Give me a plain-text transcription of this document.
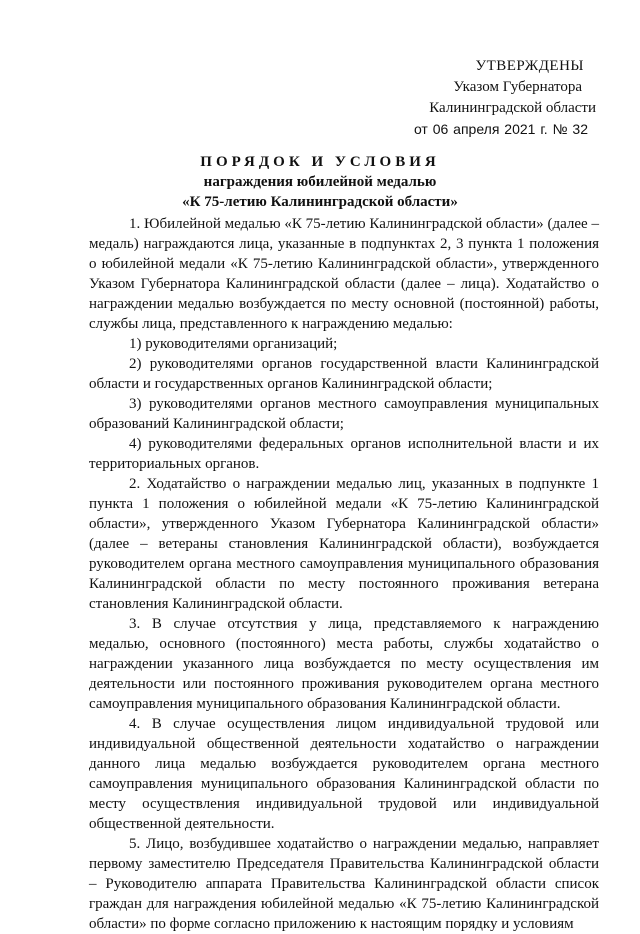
УТВЕРЖДЕНЫ
Указом Губернатора
Калининградской области
от 06 апреля 2021 г. № 32
ПОРЯДОК И УСЛОВИЯ
награждения юбилейной медалью
«К 75-летию Калининградской области»

1. Юбилейной медалью «К 75-летию Калининградской области» (далее – медаль) награждаются лица, указанные в подпунктах 2, 3 пункта 1 положения о юбилейной медали «К 75-летию Калининградской области», утвержденного Указом Губернатора Калининградской области (далее – лица). Ходатайство о награждении медалью возбуждается по месту основной (постоянной) работы, службы лица, представленного к награждению медалью:

1) руководителями организаций;

2) руководителями органов государственной власти Калининградской области и государственных органов Калининградской области;

3) руководителями органов местного самоуправления муниципальных образований Калининградской области;

4) руководителями федеральных органов исполнительной власти и их территориальных органов.

2. Ходатайство о награждении медалью лиц, указанных в подпункте 1 пункта 1 положения о юбилейной медали «К 75-летию Калининградской области», утвержденного Указом Губернатора Калининградской области» (далее – ветераны становления Калининградской области), возбуждается руководителем органа местного самоуправления муниципального образования Калининградской области по месту постоянного проживания ветерана становления Калининградской области.

3. В случае отсутствия у лица, представляемого к награждению медалью, основного (постоянного) места работы, службы ходатайство о награждении указанного лица возбуждается по месту осуществления им деятельности или постоянного проживания руководителем органа местного самоуправления муниципального образования Калининградской области.

4. В случае осуществления лицом индивидуальной трудовой или индивидуальной общественной деятельности ходатайство о награждении данного лица медалью возбуждается руководителем органа местного самоуправления муниципального образования Калининградской области по месту осуществления индивидуальной трудовой или индивидуальной общественной деятельности.

5. Лицо, возбудившее ходатайство о награждении медалью, направляет первому заместителю Председателя Правительства Калининградской области – Руководителю аппарата Правительства Калининградской области список граждан для награждения юбилейной медалью «К 75-летию Калининградской области» по форме согласно приложению к настоящим порядку и условиям
